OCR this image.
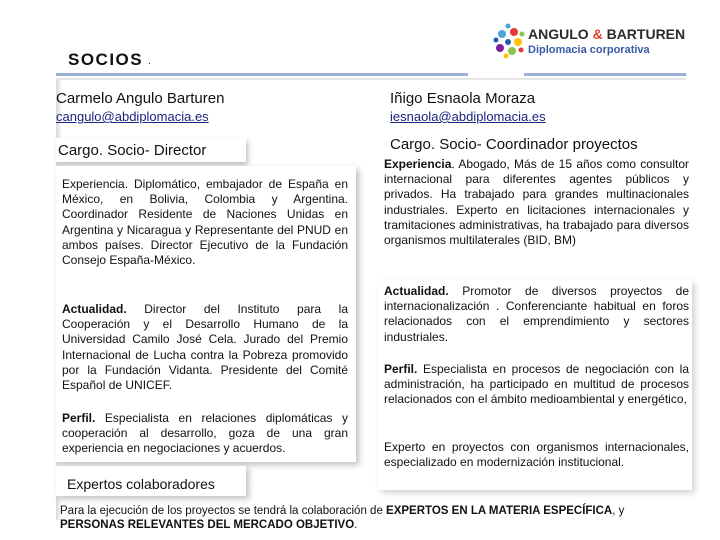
SOCIOS .
ANGULO & BARTUREN
Diplomacia corporativa
Carmelo Angulo Barturen
cangulo@abdiplomacia.es
Cargo. Socio- Director
Experiencia. Diplomático, embajador de España en México, en Bolivia, Colombia y Argentina. Coordinador Residente de Naciones Unidas en Argentina y Nicaragua y Representante del PNUD en ambos países. Director Ejecutivo de la Fundación Consejo España-México.
Actualidad. Director del Instituto para la Cooperación y el Desarrollo Humano de la Universidad Camilo José Cela. Jurado del Premio Internacional de Lucha contra la Pobreza promovido por la Fundación Vidanta. Presidente del Comité Español de UNICEF.
Perfil. Especialista en relaciones diplomáticas y cooperación al desarrollo, goza de una gran experiencia en negociaciones y acuerdos.
Expertos colaboradores
Iñigo Esnaola Moraza
iesnaola@abdiplomacia.es
Cargo. Socio- Coordinador proyectos
Experiencia. Abogado, Más de 15 años como consultor internacional para diferentes agentes públicos y privados. Ha trabajado para grandes multinacionales industriales. Experto en licitaciones internacionales y tramitaciones administrativas, ha trabajado para diversos organismos multilaterales (BID, BM)
Actualidad. Promotor de diversos proyectos de internacionalización . Conferenciante habitual en foros relacionados con el emprendimiento y sectores industriales.
Perfil. Especialista en procesos de negociación con la administración, ha participado en multitud de procesos relacionados con el ámbito medioambiental y energético,
Experto en proyectos con organismos internacionales, especializado en modernización institucional.
Para la ejecución de los proyectos se tendrá la colaboración de EXPERTOS EN LA MATERIA ESPECÍFICA, y PERSONAS RELEVANTES DEL MERCADO OBJETIVO.
